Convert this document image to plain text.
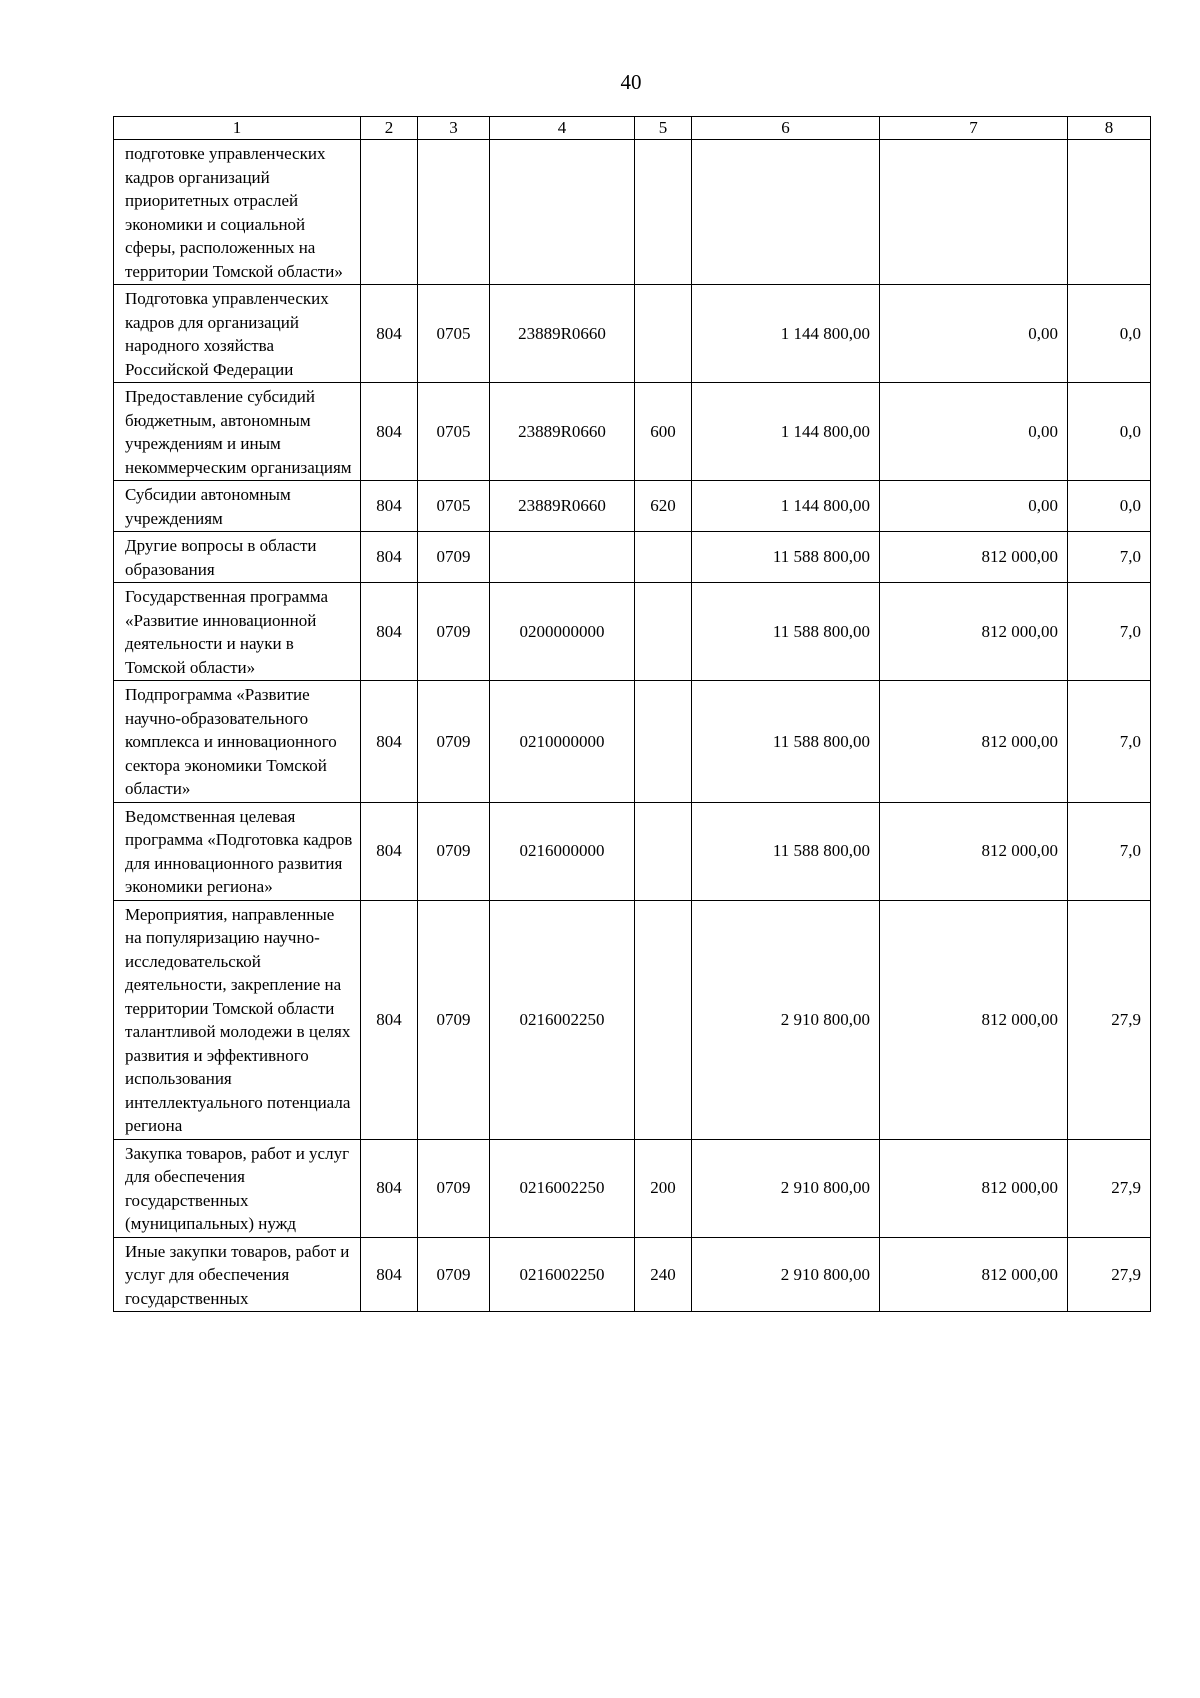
40
1	2	3	4	5	6	7	8
подготовке управленческих кадров организаций приоритетных отраслей экономики и социальной сферы, расположенных на территории Томской области»							
Подготовка управленческих кадров для организаций народного хозяйства Российской Федерации	804	0705	23889R0660		1 144 800,00	0,00	0,0
Предоставление субсидий бюджетным, автономным учреждениям и иным некоммерческим организациям	804	0705	23889R0660	600	1 144 800,00	0,00	0,0
Субсидии автономным учреждениям	804	0705	23889R0660	620	1 144 800,00	0,00	0,0
Другие вопросы в области образования	804	0709			11 588 800,00	812 000,00	7,0
Государственная программа «Развитие инновационной деятельности и науки в Томской области»	804	0709	0200000000		11 588 800,00	812 000,00	7,0
Подпрограмма «Развитие научно-образовательного комплекса и инновационного сектора экономики Томской области»	804	0709	0210000000		11 588 800,00	812 000,00	7,0
Ведомственная целевая программа «Подготовка кадров для инновационного развития экономики региона»	804	0709	0216000000		11 588 800,00	812 000,00	7,0
Мероприятия, направленные на популяризацию научно-исследовательской деятельности, закрепление на территории Томской области талантливой молодежи в целях развития и эффективного использования интеллектуального потенциала региона	804	0709	0216002250		2 910 800,00	812 000,00	27,9
Закупка товаров, работ и услуг для обеспечения государственных (муниципальных) нужд	804	0709	0216002250	200	2 910 800,00	812 000,00	27,9
Иные закупки товаров, работ и услуг для обеспечения государственных	804	0709	0216002250	240	2 910 800,00	812 000,00	27,9
